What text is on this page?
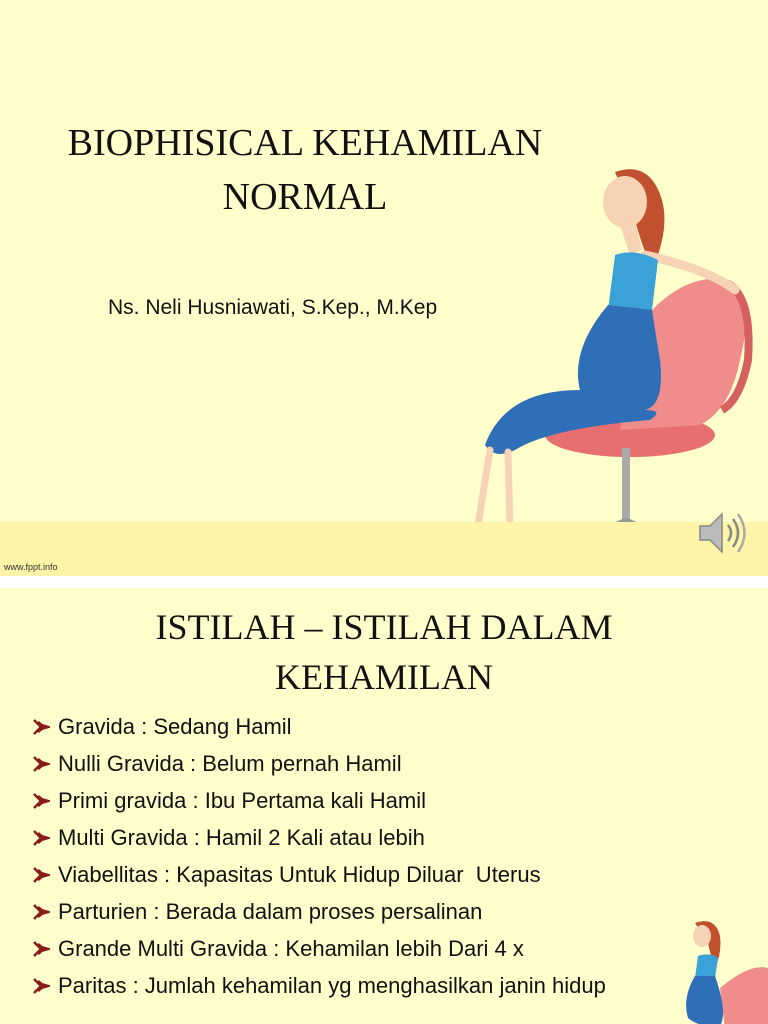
BIOPHISICAL KEHAMILAN
NORMAL
Ns. Neli Husniawati, S.Kep., M.Kep
www.fppt.info
ISTILAH – ISTILAH DALAM
KEHAMILAN
Gravida : Sedang Hamil
Nulli Gravida : Belum pernah Hamil
Primi gravida : Ibu Pertama kali Hamil
Multi Gravida : Hamil 2 Kali atau lebih
Viabellitas : Kapasitas Untuk Hidup Diluar  Uterus
Parturien : Berada dalam proses persalinan
Grande Multi Gravida : Kehamilan lebih Dari 4 x
Paritas : Jumlah kehamilan yg menghasilkan janin hidup
